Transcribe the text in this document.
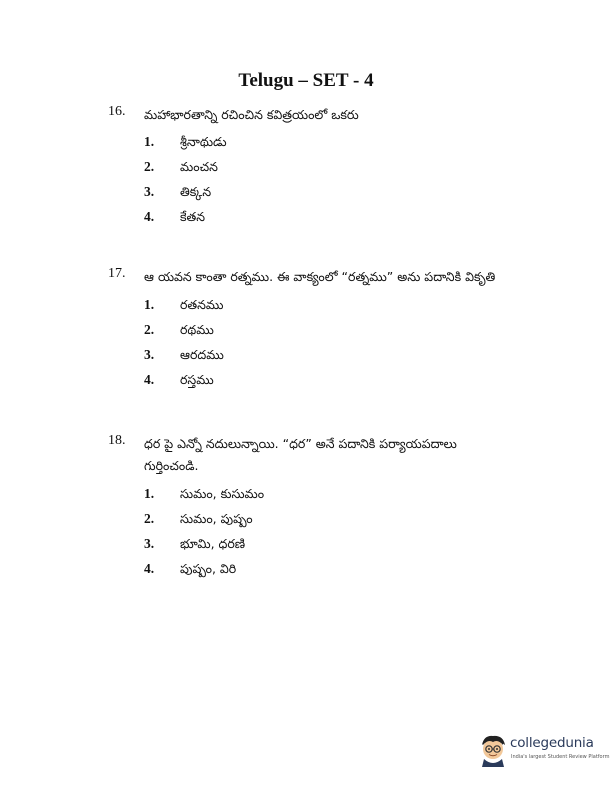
Telugu – SET - 4
16. మహాభారతాన్ని రచించిన కవిత్రయంలో ఒకరు
1. శ్రీనాథుడు
2. మంచన
3. తిక్కన
4. కేతన
17. ఆ యవన కాంతా రత్నము. ఈ వాక్యంలో “రత్నము” అను పదానికి వికృతి
1. రతనము
2. రథము
3. ఆరదము
4. రస్తము
18. ధర పై ఎన్నో నదులున్నాయి. “ధర” అనే పదానికి పర్యాయపదాలు
గుర్తించండి.
1. సుమం, కుసుమం
2. సుమం, పుష్పం
3. భూమి, ధరణి
4. పుష్పం, విరి
collegedunia
India's largest Student Review Platform
